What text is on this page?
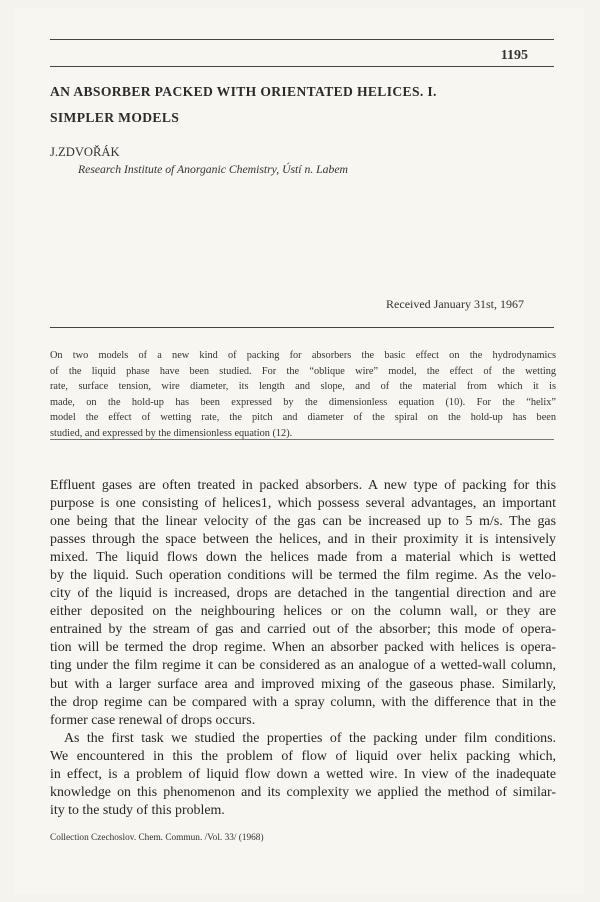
1195
AN ABSORBER PACKED WITH ORIENTATED HELICES. I.
SIMPLER MODELS
J.ZDVOŘÁK
Research Institute of Anorganic Chemistry, Ústí n. Labem
Received January 31st, 1967
On two models of a new kind of packing for absorbers the basic effect on the hydrodynamics
of the liquid phase have been studied. For the “oblique wire” model, the effect of the wetting
rate, surface tension, wire diameter, its length and slope, and of the material from which it is
made, on the hold-up has been expressed by the dimensionless equation (10). For the “helix”
model the effect of wetting rate, the pitch and diameter of the spiral on the hold-up has been
studied, and expressed by the dimensionless equation (12).
Effluent gases are often treated in packed absorbers. A new type of packing for this
purpose is one consisting of helices1, which possess several advantages, an important
one being that the linear velocity of the gas can be increased up to 5 m/s. The gas
passes through the space between the helices, and in their proximity it is intensively
mixed. The liquid flows down the helices made from a material which is wetted
by the liquid. Such operation conditions will be termed the film regime. As the velo-
city of the liquid is increased, drops are detached in the tangential direction and are
either deposited on the neighbouring helices or on the column wall, or they are
entrained by the stream of gas and carried out of the absorber; this mode of opera-
tion will be termed the drop regime. When an absorber packed with helices is opera-
ting under the film regime it can be considered as an analogue of a wetted-wall column,
but with a larger surface area and improved mixing of the gaseous phase. Similarly,
the drop regime can be compared with a spray column, with the difference that in the
former case renewal of drops occurs.
As the first task we studied the properties of the packing under film conditions.
We encountered in this the problem of flow of liquid over helix packing which,
in effect, is a problem of liquid flow down a wetted wire. In view of the inadequate
knowledge on this phenomenon and its complexity we applied the method of similar-
ity to the study of this problem.
Collection Czechoslov. Chem. Commun. /Vol. 33/ (1968)
